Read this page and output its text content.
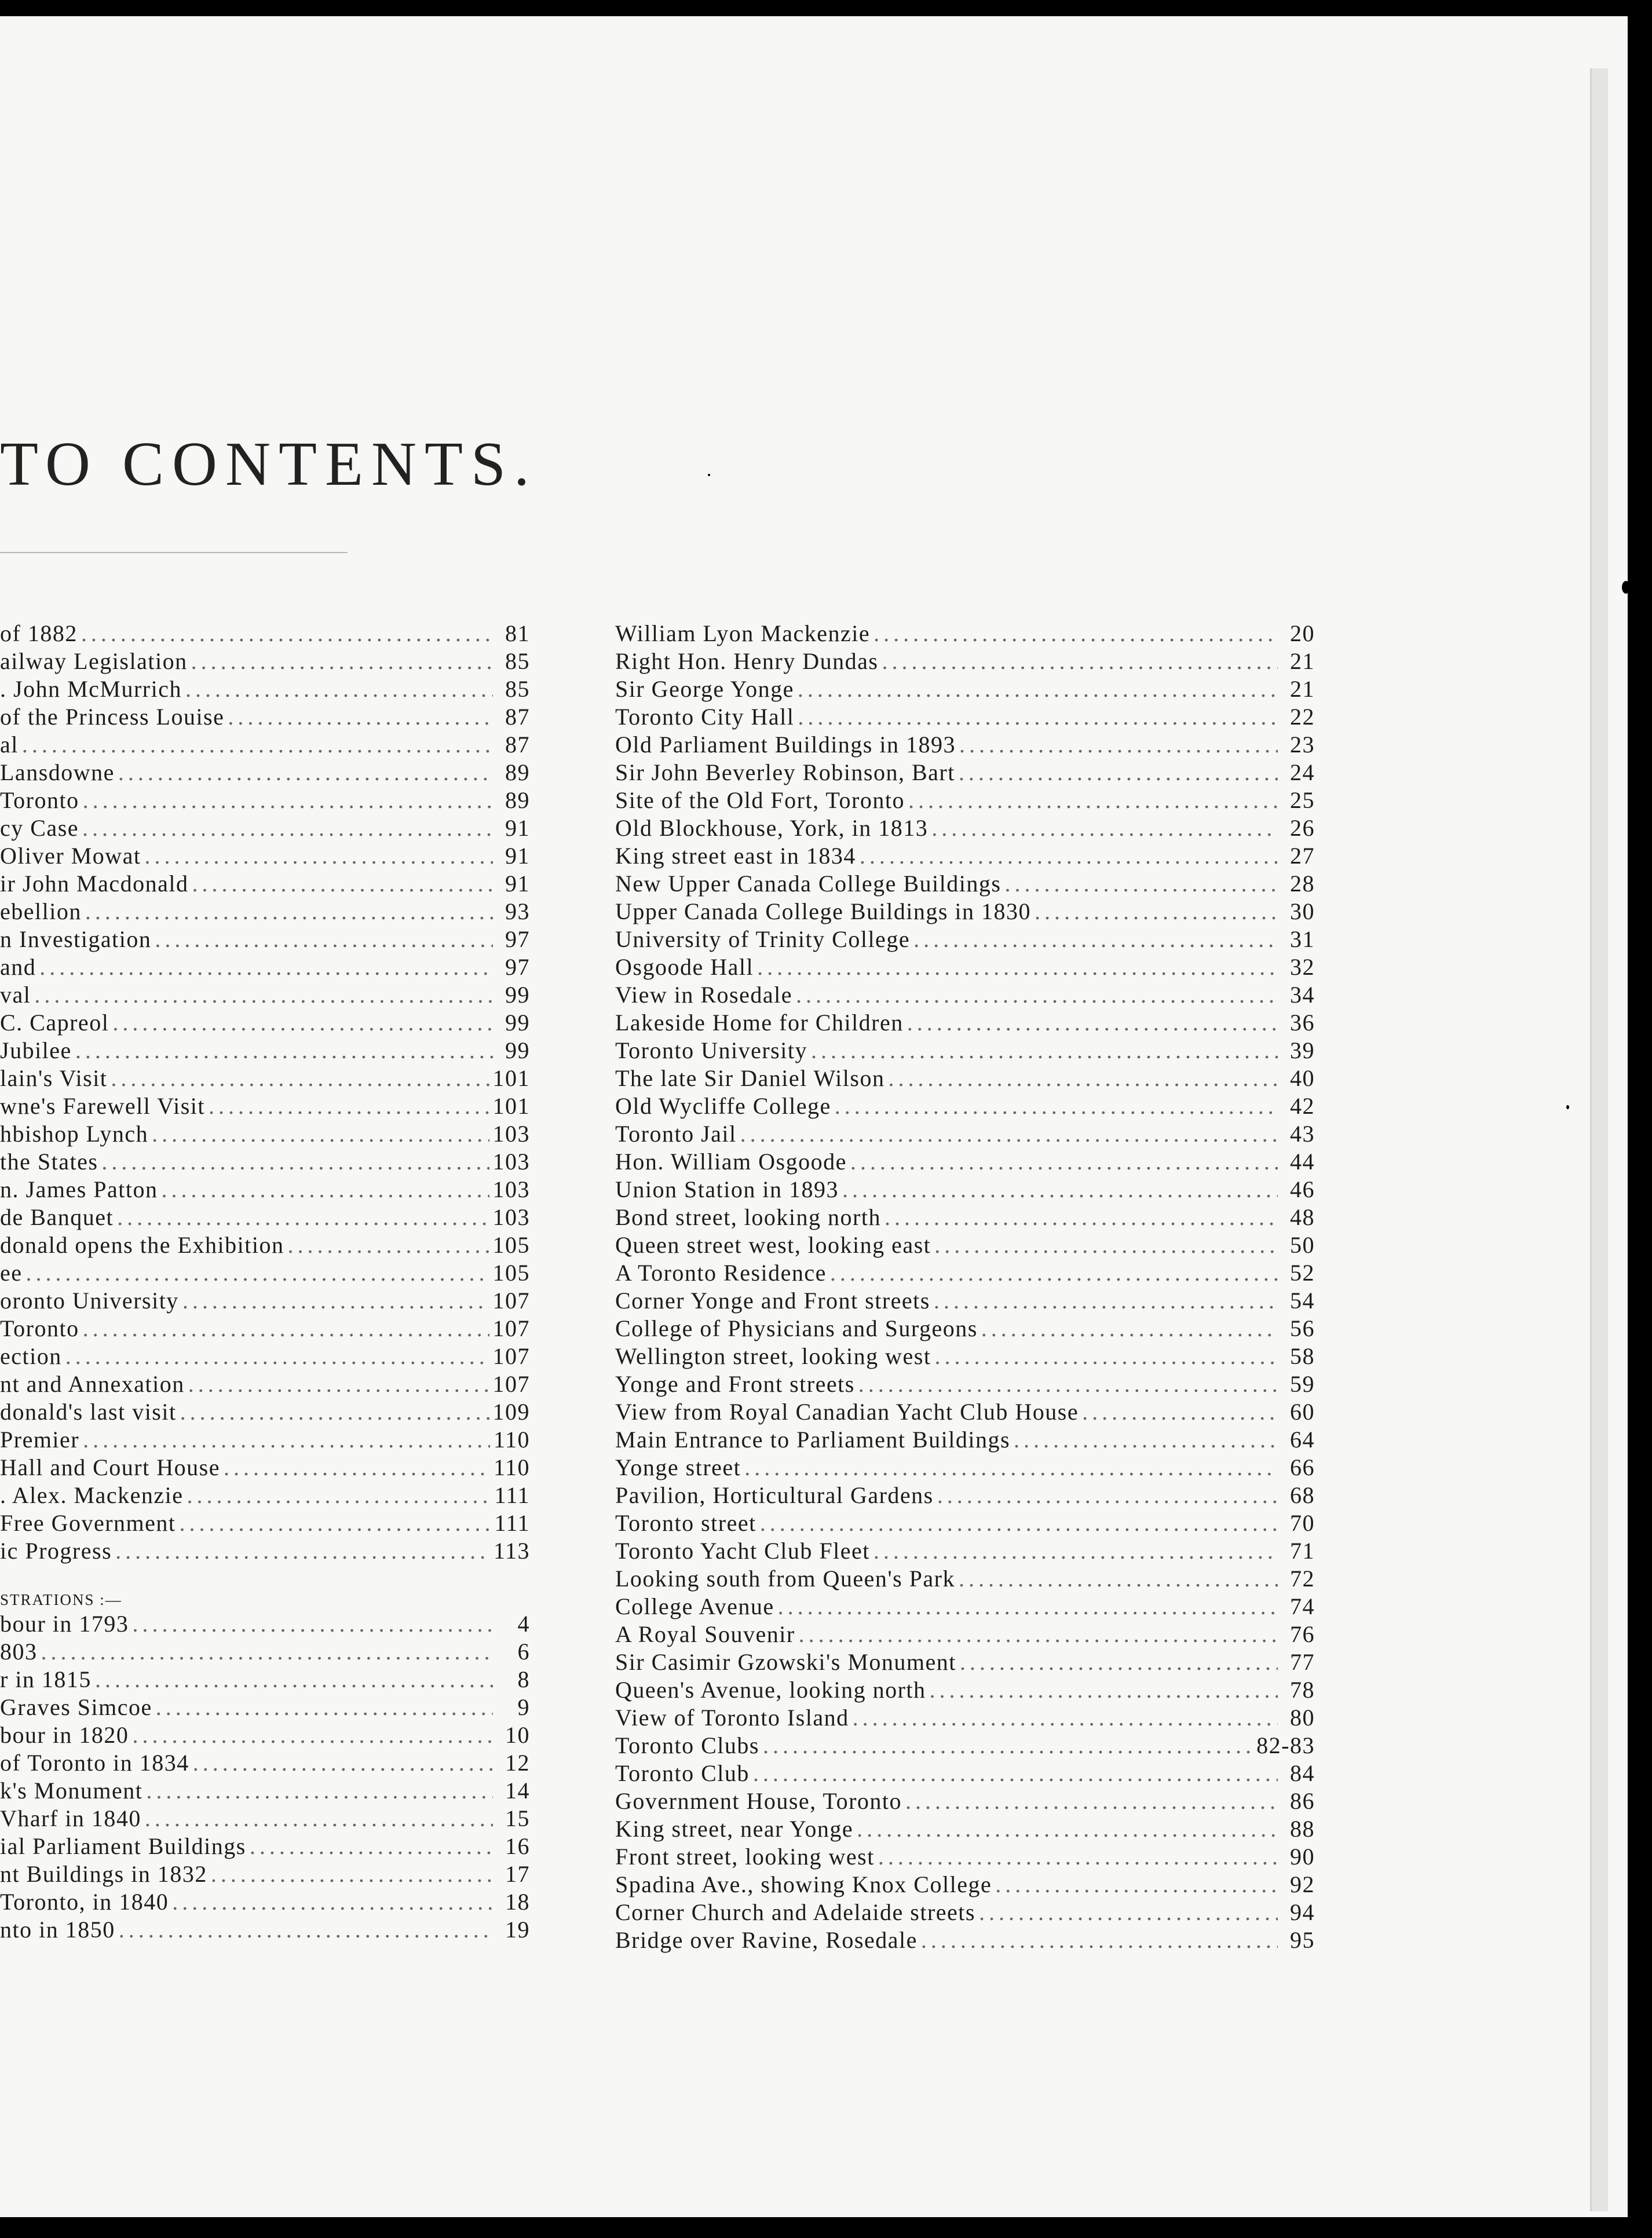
TO CONTENTS.
of 1882 .....	81
ailway Legislation .....	85
. John McMurrich .....	85
of the Princess Louise .....	87
al .....	87
Lansdowne .....	89
Toronto .....	89
cy Case .....	91
Oliver Mowat .....	91
ir John Macdonald .....	91
ebellion .....	93
n Investigation .....	97
and .....	97
val .....	99
C. Capreol .....	99
Jubilee .....	99
lain's Visit .....	101
wne's Farewell Visit .....	101
hbishop Lynch .....	103
the States .....	103
n. James Patton .....	103
de Banquet .....	103
donald opens the Exhibition .....	105
ee .....	105
oronto University .....	107
Toronto .....	107
ection .....	107
nt and Annexation .....	107
donald's last visit .....	109
Premier .....	110
Hall and Court House .....	110
. Alex. Mackenzie .....	111
Free Government .....	111
ic Progress .....	113
STRATIONS :—
bour in 1793 .....	4
803 .....	6
r in 1815 .....	8
Graves Simcoe .....	9
bour in 1820 .....	10
of Toronto in 1834 .....	12
k's Monument .....	14
Vharf in 1840 .....	15
ial Parliament Buildings .....	16
nt Buildings in 1832 .....	17
Toronto, in 1840 .....	18
nto in 1850 .....	19
William Lyon Mackenzie .....	20
Right Hon. Henry Dundas .....	21
Sir George Yonge .....	21
Toronto City Hall .....	22
Old Parliament Buildings in 1893 .....	23
Sir John Beverley Robinson, Bart .....	24
Site of the Old Fort, Toronto .....	25
Old Blockhouse, York, in 1813 .....	26
King street east in 1834 .....	27
New Upper Canada College Buildings .....	28
Upper Canada College Buildings in 1830 .....	30
University of Trinity College .....	31
Osgoode Hall .....	32
View in Rosedale .....	34
Lakeside Home for Children .....	36
Toronto University .....	39
The late Sir Daniel Wilson .....	40
Old Wycliffe College .....	42
Toronto Jail .....	43
Hon. William Osgoode .....	44
Union Station in 1893 .....	46
Bond street, looking north .....	48
Queen street west, looking east .....	50
A Toronto Residence .....	52
Corner Yonge and Front streets .....	54
College of Physicians and Surgeons .....	56
Wellington street, looking west .....	58
Yonge and Front streets .....	59
View from Royal Canadian Yacht Club House .....	60
Main Entrance to Parliament Buildings .....	64
Yonge street .....	66
Pavilion, Horticultural Gardens .....	68
Toronto street .....	70
Toronto Yacht Club Fleet .....	71
Looking south from Queen's Park .....	72
College Avenue .....	74
A Royal Souvenir .....	76
Sir Casimir Gzowski's Monument .....	77
Queen's Avenue, looking north .....	78
View of Toronto Island .....	80
Toronto Clubs .....	82-83
Toronto Club .....	84
Government House, Toronto .....	86
King street, near Yonge .....	88
Front street, looking west .....	90
Spadina Ave., showing Knox College .....	92
Corner Church and Adelaide streets .....	94
Bridge over Ravine, Rosedale .....	95
